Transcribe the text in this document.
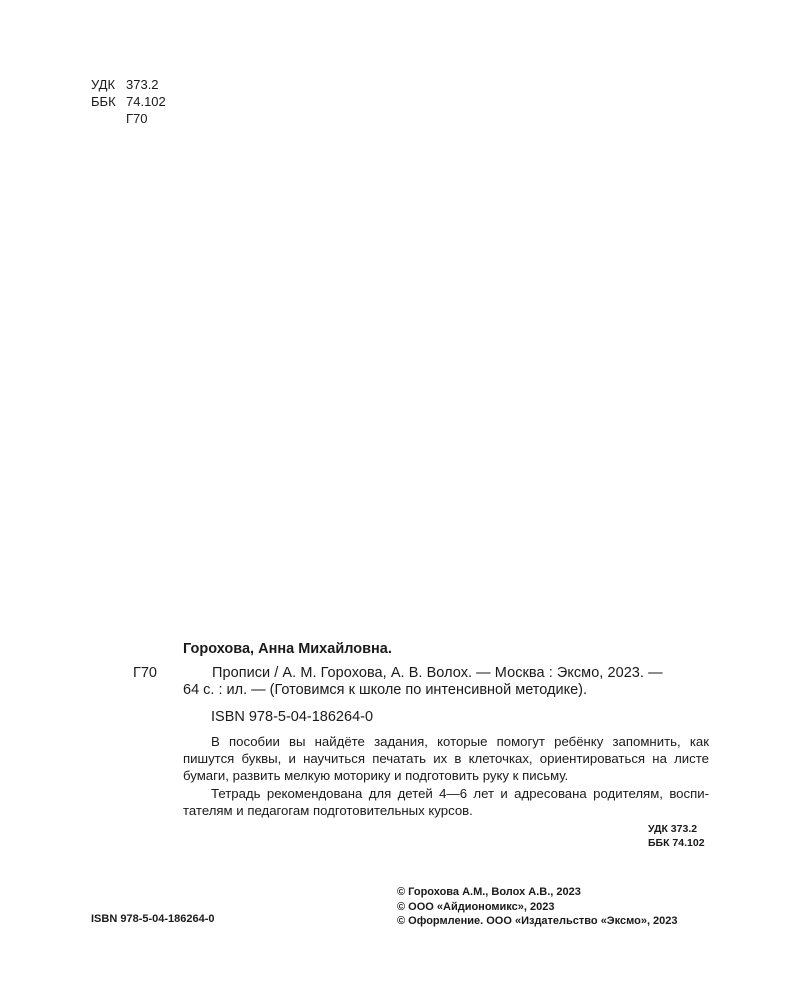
УДК 373.2
ББК 74.102
Г70
Горохова, Анна Михайловна.
Г70	Прописи / А. М. Горохова, А. В. Волох. — Москва : Эксмо, 2023. —
64 с. : ил. — (Готовимся к школе по интенсивной методике).
ISBN 978-5-04-186264-0
В пособии вы найдёте задания, которые помогут ребёнку запомнить, как
пишутся буквы, и научиться печатать их в клеточках, ориентироваться на листе
бумаги, развить мелкую моторику и подготовить руку к письму.
Тетрадь рекомендована для детей 4—6 лет и адресована родителям, воспи-
тателям и педагогам подготовительных курсов.
УДК 373.2
ББК 74.102
ISBN 978-5-04-186264-0
© Горохова А.М., Волох А.В., 2023
© ООО «Айдиономикс», 2023
© Оформление. ООО «Издательство «Эксмо», 2023
